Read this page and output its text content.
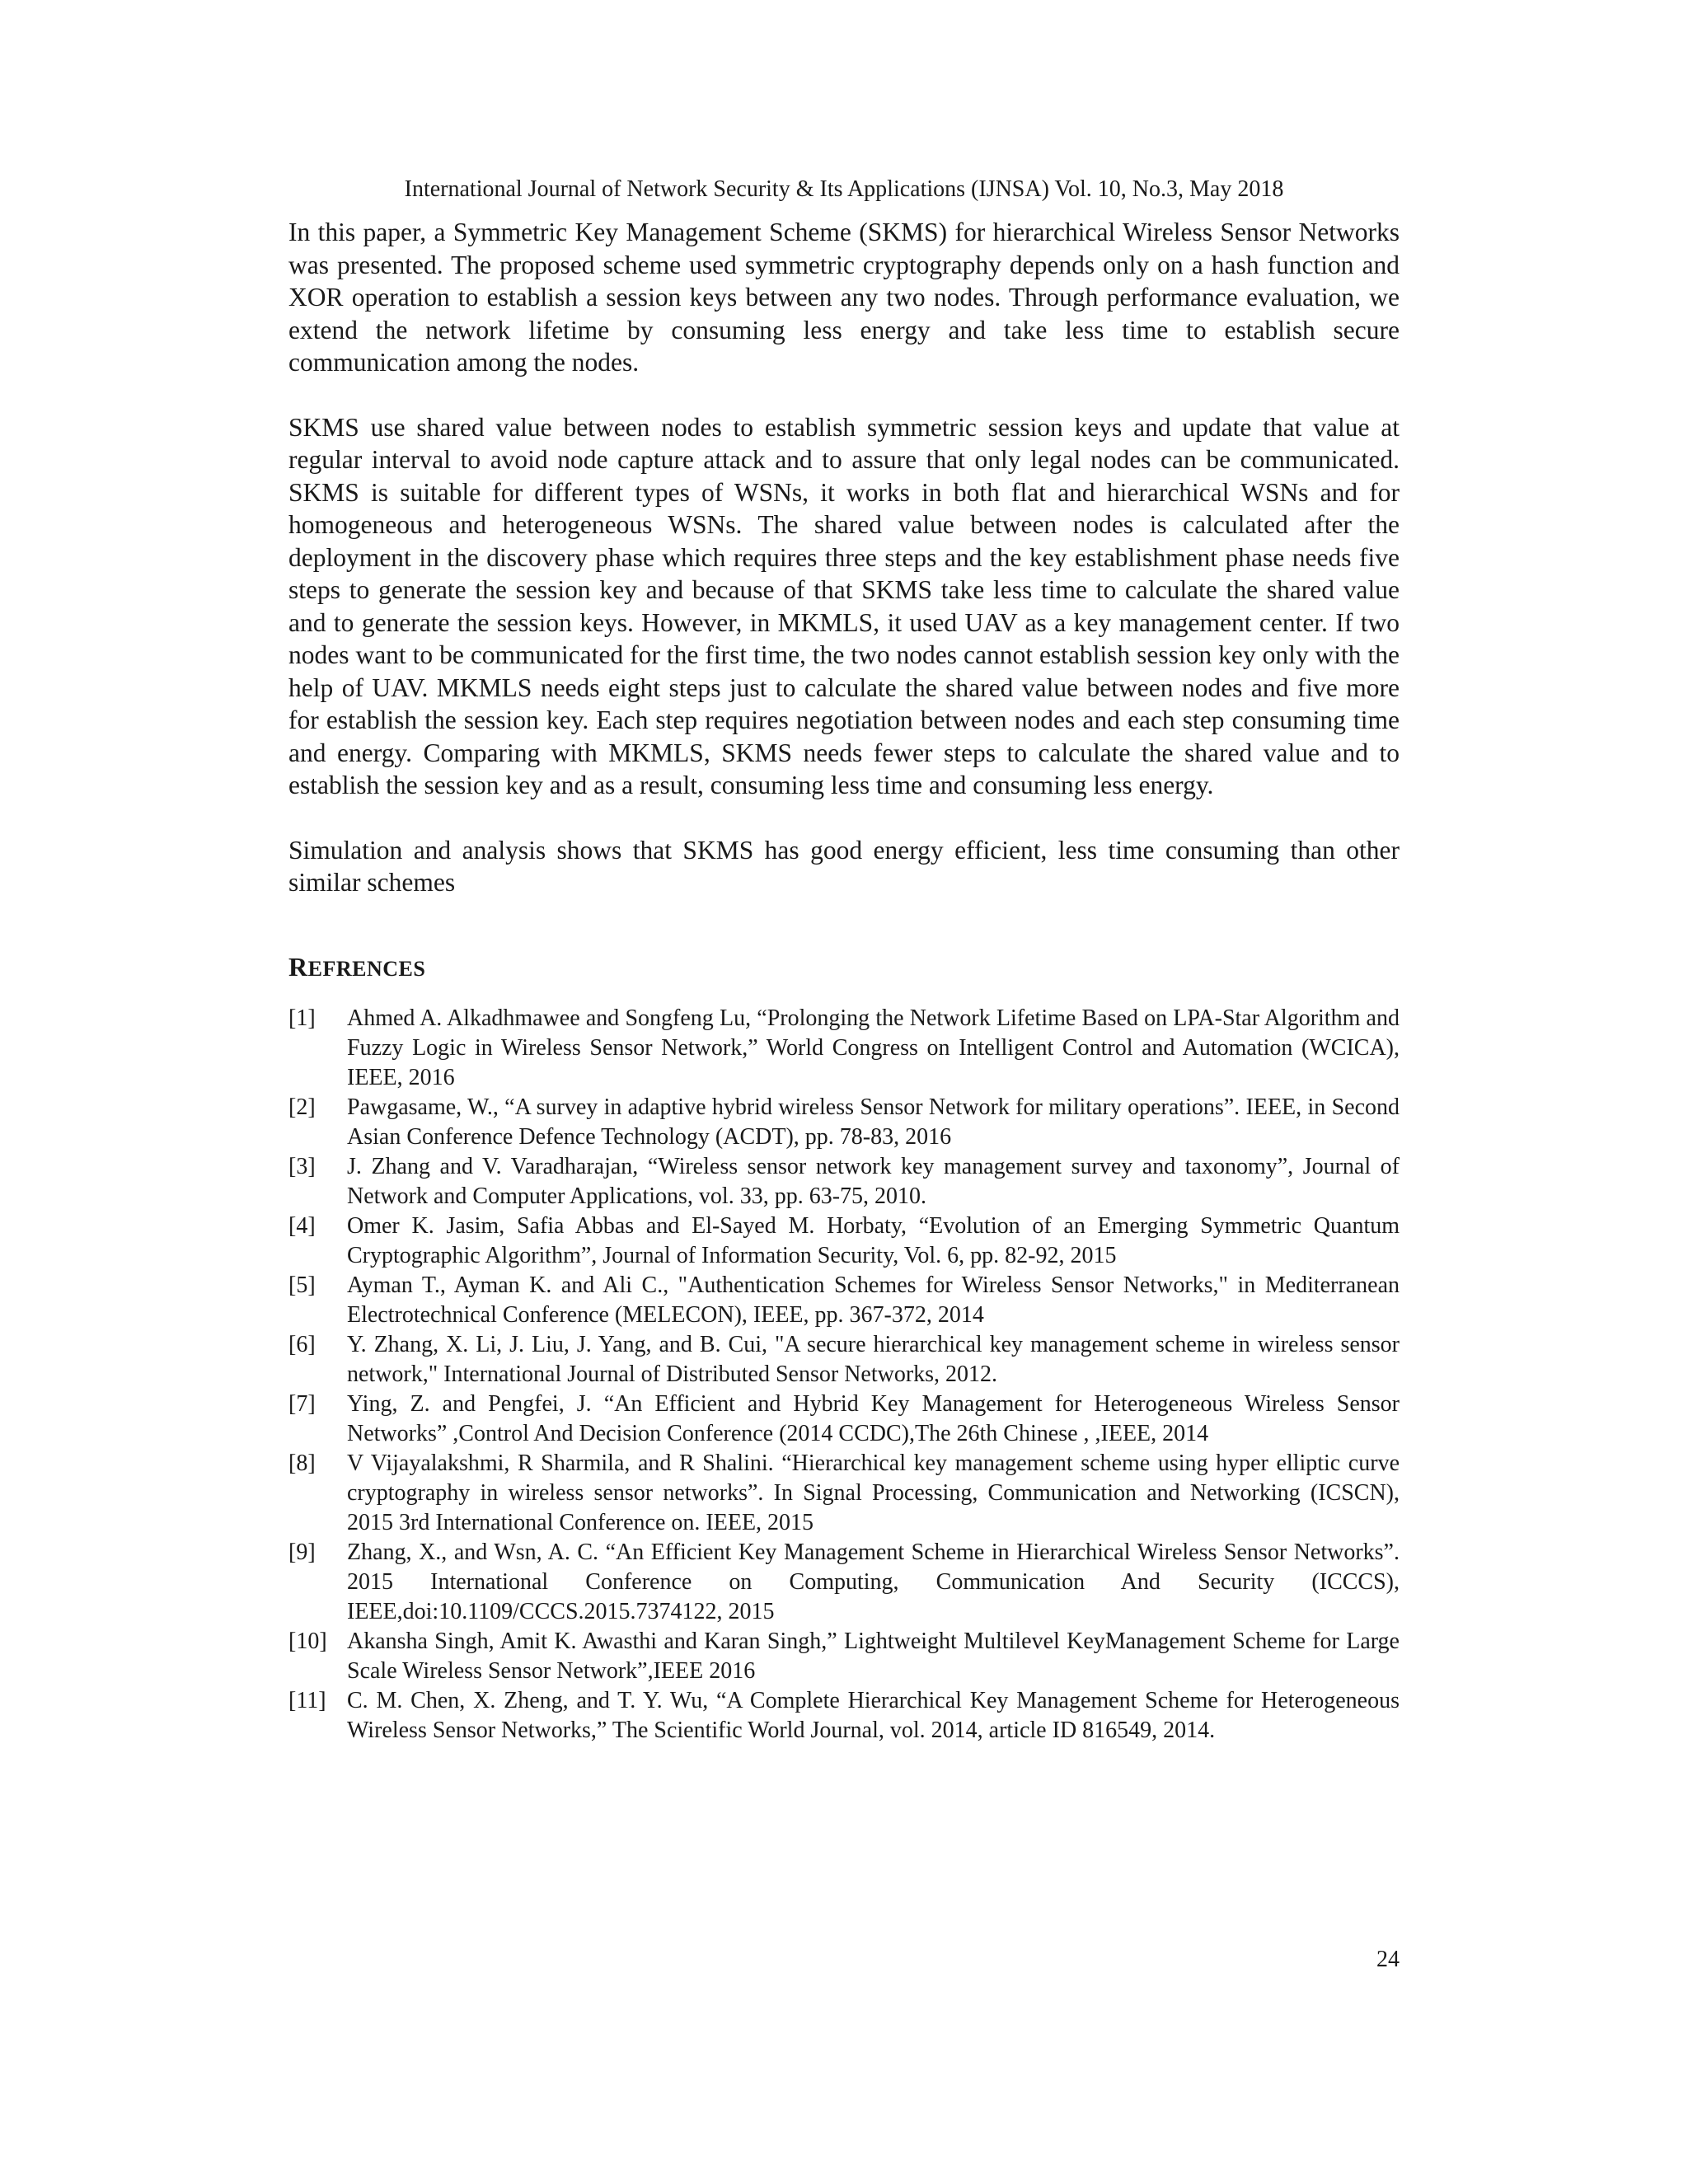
International Journal of Network Security & Its Applications (IJNSA) Vol. 10, No.3, May 2018

In this paper, a Symmetric Key Management Scheme (SKMS) for hierarchical Wireless Sensor Networks was presented. The proposed scheme used symmetric cryptography depends only on a hash function and XOR operation to establish a session keys between any two nodes. Through performance evaluation, we extend the network lifetime by consuming less energy and take less time to establish secure communication among the nodes.

SKMS use shared value between nodes to establish symmetric session keys and update that value at regular interval to avoid node capture attack and to assure that only legal nodes can be communicated. SKMS is suitable for different types of WSNs, it works in both flat and hierarchical WSNs and for homogeneous and heterogeneous WSNs. The shared value between nodes is calculated after the deployment in the discovery phase which requires three steps and the key establishment phase needs five steps to generate the session key and because of that SKMS take less time to calculate the shared value and to generate the session keys. However, in MKMLS, it used UAV as a key management center. If two nodes want to be communicated for the first time, the two nodes cannot establish session key only with the help of UAV. MKMLS needs eight steps just to calculate the shared value between nodes and five more for establish the session key. Each step requires negotiation between nodes and each step consuming time and energy. Comparing with MKMLS, SKMS needs fewer steps to calculate the shared value and to establish the session key and as a result, consuming less time and consuming less energy.

Simulation and analysis shows that SKMS has good energy efficient, less time consuming than other similar schemes

REFRENCES
[1] Ahmed A. Alkadhmawee and Songfeng Lu, “Prolonging the Network Lifetime Based on LPA-Star Algorithm and Fuzzy Logic in Wireless Sensor Network,” World Congress on Intelligent Control and Automation (WCICA), IEEE, 2016
[2] Pawgasame, W., “A survey in adaptive hybrid wireless Sensor Network for military operations”. IEEE, in Second Asian Conference Defence Technology (ACDT), pp. 78-83, 2016
[3] J. Zhang and V. Varadharajan, “Wireless sensor network key management survey and taxonomy”, Journal of Network and Computer Applications, vol. 33, pp. 63-75, 2010.
[4] Omer K. Jasim, Safia Abbas and El-Sayed M. Horbaty, “Evolution of an Emerging Symmetric Quantum Cryptographic Algorithm”, Journal of Information Security, Vol. 6, pp. 82-92, 2015
[5] Ayman T., Ayman K. and Ali C., "Authentication Schemes for Wireless Sensor Networks," in Mediterranean Electrotechnical Conference (MELECON), IEEE, pp. 367-372, 2014
[6] Y. Zhang, X. Li, J. Liu, J. Yang, and B. Cui, "A secure hierarchical key management scheme in wireless sensor network," International Journal of Distributed Sensor Networks, 2012.
[7] Ying, Z. and Pengfei, J. “An Efficient and Hybrid Key Management for Heterogeneous Wireless Sensor Networks” ,Control And Decision Conference (2014 CCDC),The 26th Chinese , ,IEEE, 2014
[8] V Vijayalakshmi, R Sharmila, and R Shalini. “Hierarchical key management scheme using hyper elliptic curve cryptography in wireless sensor networks”. In Signal Processing, Communication and Networking (ICSCN), 2015 3rd International Conference on. IEEE, 2015
[9] Zhang, X., and Wsn, A. C. “An Efficient Key Management Scheme in Hierarchical Wireless Sensor Networks”. 2015 International Conference on Computing, Communication And Security (ICCCS), IEEE,doi:10.1109/CCCS.2015.7374122, 2015
[10] Akansha Singh, Amit K. Awasthi and Karan Singh,” Lightweight Multilevel KeyManagement Scheme for Large Scale Wireless Sensor Network”,IEEE 2016
[11] C. M. Chen, X. Zheng, and T. Y. Wu, “A Complete Hierarchical Key Management Scheme for Heterogeneous Wireless Sensor Networks,” The Scientific World Journal, vol. 2014, article ID 816549, 2014.
24
